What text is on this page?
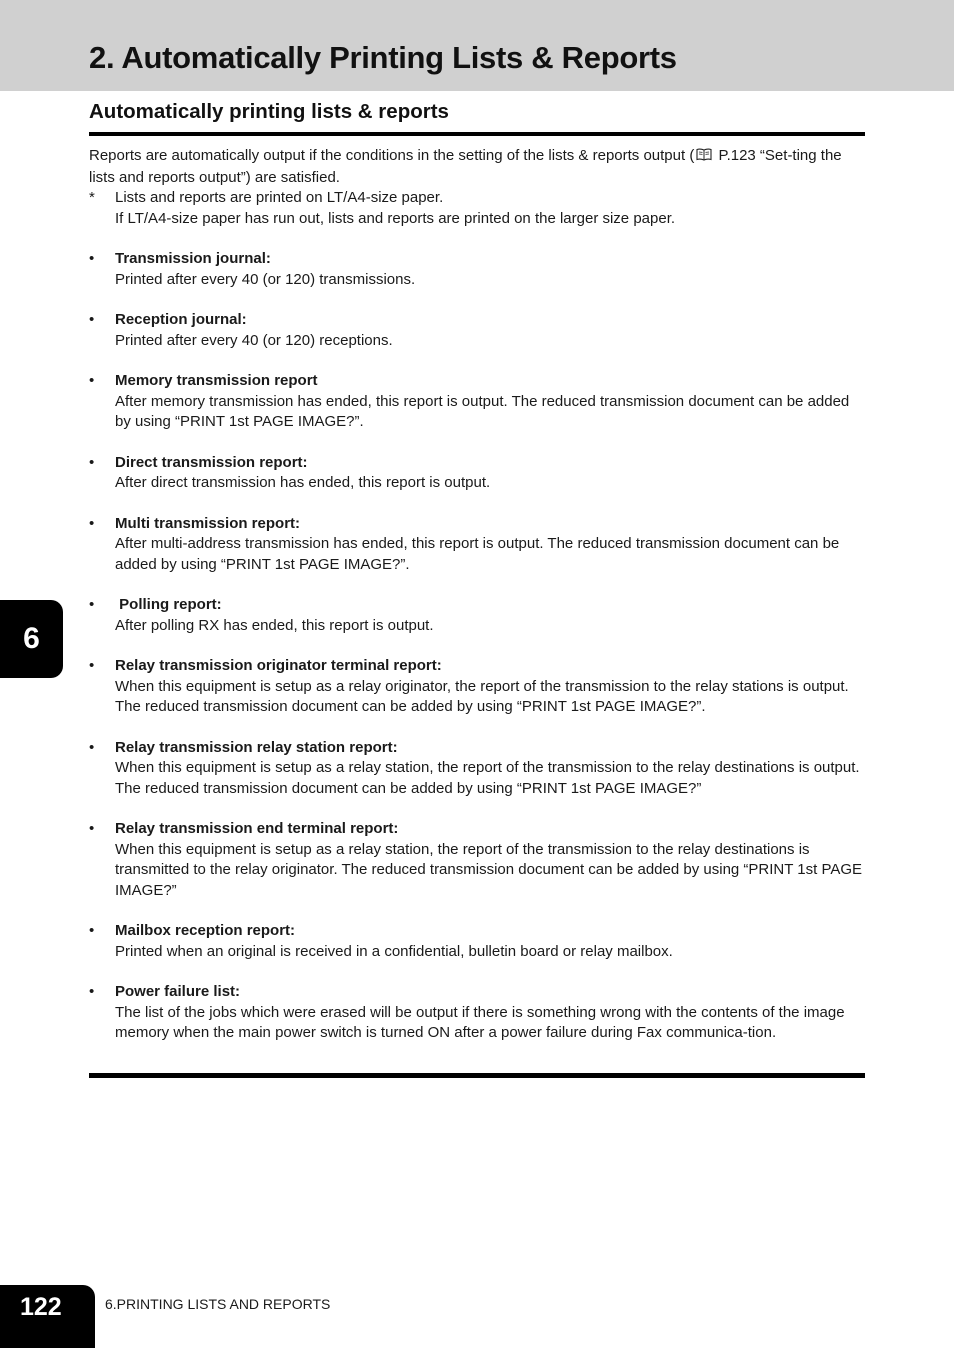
2. Automatically Printing Lists & Reports
Automatically printing lists & reports

Reports are automatically output if the conditions in the setting of the lists & reports output ( P.123 “Set-ting the lists and reports output”) are satisfied.

*	Lists and reports are printed on LT/A4-size paper.

If LT/A4-size paper has run out, lists and reports are printed on the larger size paper.

•	Transmission journal:
Printed after every 40 (or 120) transmissions.
•	Reception journal:
Printed after every 40 (or 120) receptions.
•	Memory transmission report
After memory transmission has ended, this report is output. The reduced transmission document can be added by using “PRINT 1st PAGE IMAGE?”.
•	Direct transmission report:
After direct transmission has ended, this report is output.
•	Multi transmission report:
After multi-address transmission has ended, this report is output. The reduced transmission document can be added by using “PRINT 1st PAGE IMAGE?”.
•	Polling report:
After polling RX has ended, this report is output.
•	Relay transmission originator terminal report:
When this equipment is setup as a relay originator, the report of the transmission to the relay stations is output. The reduced transmission document can be added by using “PRINT 1st PAGE IMAGE?”.
•	Relay transmission relay station report:
When this equipment is setup as a relay station, the report of the transmission to the relay destinations is output. The reduced transmission document can be added by using “PRINT 1st PAGE IMAGE?”
•	Relay transmission end terminal report:
When this equipment is setup as a relay station, the report of the transmission to the relay destinations is transmitted to the relay originator. The reduced transmission document can be added by using “PRINT 1st PAGE IMAGE?”
•	Mailbox reception report:
Printed when an original is received in a confidential, bulletin board or relay mailbox.
•	Power failure list:
The list of the jobs which were erased will be output if there is something wrong with the contents of the image memory when the main power switch is turned ON after a power failure during Fax communica-tion.
6
122	6.PRINTING LISTS AND REPORTS
